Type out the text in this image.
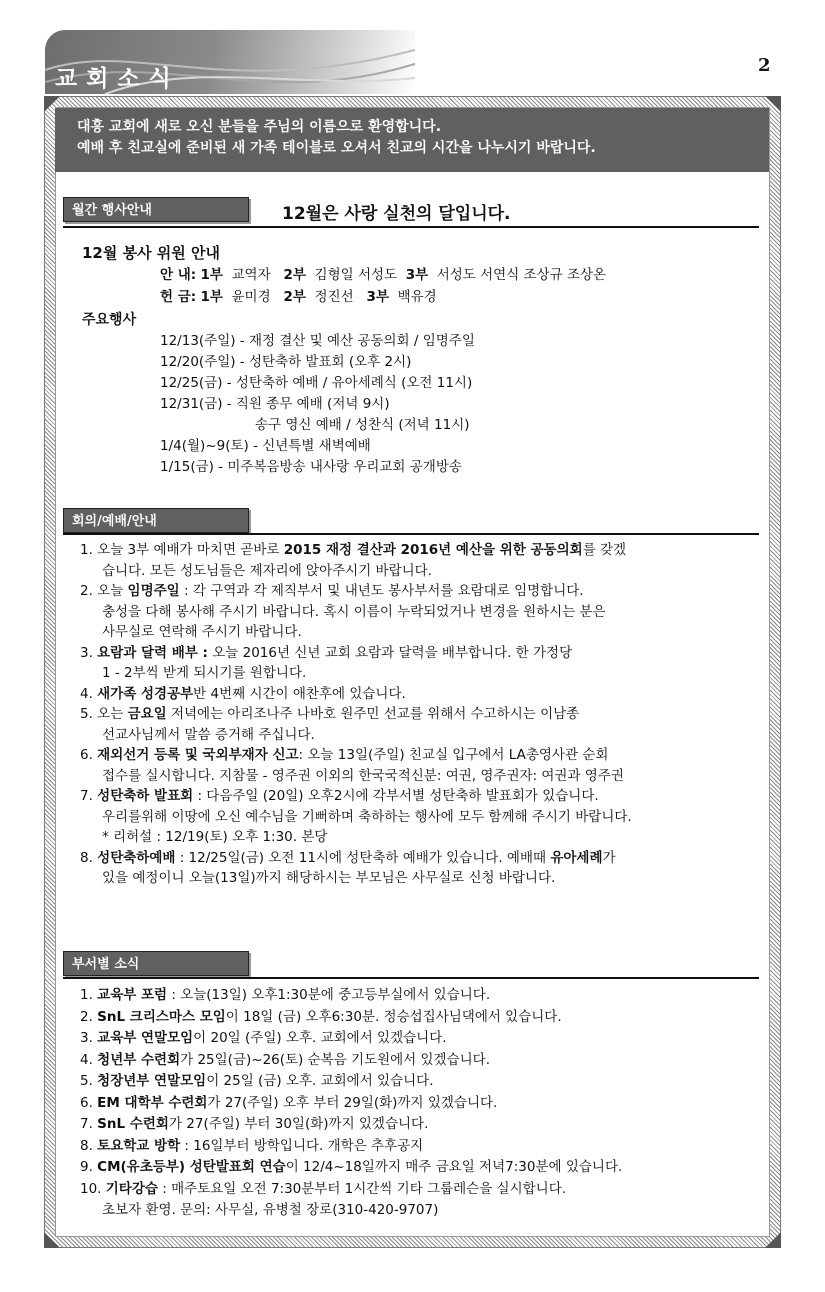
교회소식
2
대흥 교회에 새로 오신 분들을 주님의 이름으로 환영합니다.
예배 후 친교실에 준비된 새 가족 테이블로 오셔서 친교의 시간을 나누시기 바랍니다.
월간 행사안내	12월은 사랑 실천의 달입니다.
12월 봉사 위원 안내
안 내: 1부 교역자 2부 김형일 서성도 3부 서성도 서연식 조상규 조상온
헌 금: 1부 윤미경 2부 정진선 3부 백유경
주요행사
12/13(주일) - 재정 결산 및 예산 공동의회 / 임명주일
12/20(주일) - 성탄축하 발표회 (오후 2시)
12/25(금) - 성탄축하 예배 / 유아세례식 (오전 11시)
12/31(금) - 직원 종무 예배 (저녁 9시)
송구 영신 예배 / 성찬식 (저녁 11시)
1/4(월)~9(토) - 신년특별 새벽예배
1/15(금) - 미주복음방송 내사랑 우리교회 공개방송
회의/예배/안내
1. 오늘 3부 예배가 마치면 곧바로 2015 재정 결산과 2016년 예산을 위한 공동의회를 갖겠
습니다. 모든 성도님들은 제자리에 앉아주시기 바랍니다.
2. 오늘 임명주일 : 각 구역과 각 제직부서 및 내년도 봉사부서를 요람대로 임명합니다.
충성을 다해 봉사해 주시기 바랍니다. 혹시 이름이 누락되었거나 변경을 원하시는 분은
사무실로 연락해 주시기 바랍니다.
3. 요람과 달력 배부 : 오늘 2016년 신년 교회 요람과 달력을 배부합니다. 한 가정당
1 - 2부씩 받게 되시기를 원합니다.
4. 새가족 성경공부반 4번째 시간이 애찬후에 있습니다.
5. 오는 금요일 저녁에는 아리조나주 나바호 원주민 선교를 위해서 수고하시는 이남종
선교사님께서 말씀 증거해 주십니다.
6. 재외선거 등록 및 국외부재자 신고: 오늘 13일(주일) 친교실 입구에서 LA총영사관 순회
접수를 실시합니다. 지참물 - 영주권 이외의 한국국적신분: 여권, 영주권자: 여권과 영주권
7. 성탄축하 발표회 : 다음주일 (20일) 오후2시에 각부서별 성탄축하 발표회가 있습니다.
우리를위해 이땅에 오신 예수님을 기뻐하며 축하하는 행사에 모두 함께해 주시기 바랍니다.
* 리허설 : 12/19(토) 오후 1:30. 본당
8. 성탄축하예배 : 12/25일(금) 오전 11시에 성탄축하 예배가 있습니다. 예배때 유아세례가
있을 예정이니 오늘(13일)까지 해당하시는 부모님은 사무실로 신청 바랍니다.
부서별 소식
1. 교육부 포럼 : 오늘(13일) 오후1:30분에 중고등부실에서 있습니다.
2. SnL 크리스마스 모임이 18일 (금) 오후6:30분. 정승섭집사님댁에서 있습니다.
3. 교육부 연말모임이 20일 (주일) 오후. 교회에서 있겠습니다.
4. 청년부 수련회가 25일(금)~26(토) 순복음 기도원에서 있겠습니다.
5. 청장년부 연말모임이 25일 (금) 오후. 교회에서 있습니다.
6. EM 대학부 수련회가 27(주일) 오후 부터 29일(화)까지 있겠습니다.
7. SnL 수련회가 27(주일) 부터 30일(화)까지 있겠습니다.
8. 토요학교 방학 : 16일부터 방학입니다. 개학은 추후공지
9. CM(유초등부) 성탄발표회 연습이 12/4~18일까지 매주 금요일 저녁7:30분에 있습니다.
10. 기타강습 : 매주토요일 오전 7:30분부터 1시간씩 기타 그룹레슨을 실시합니다.
초보자 환영. 문의: 사무실, 유병철 장로(310-420-9707)
